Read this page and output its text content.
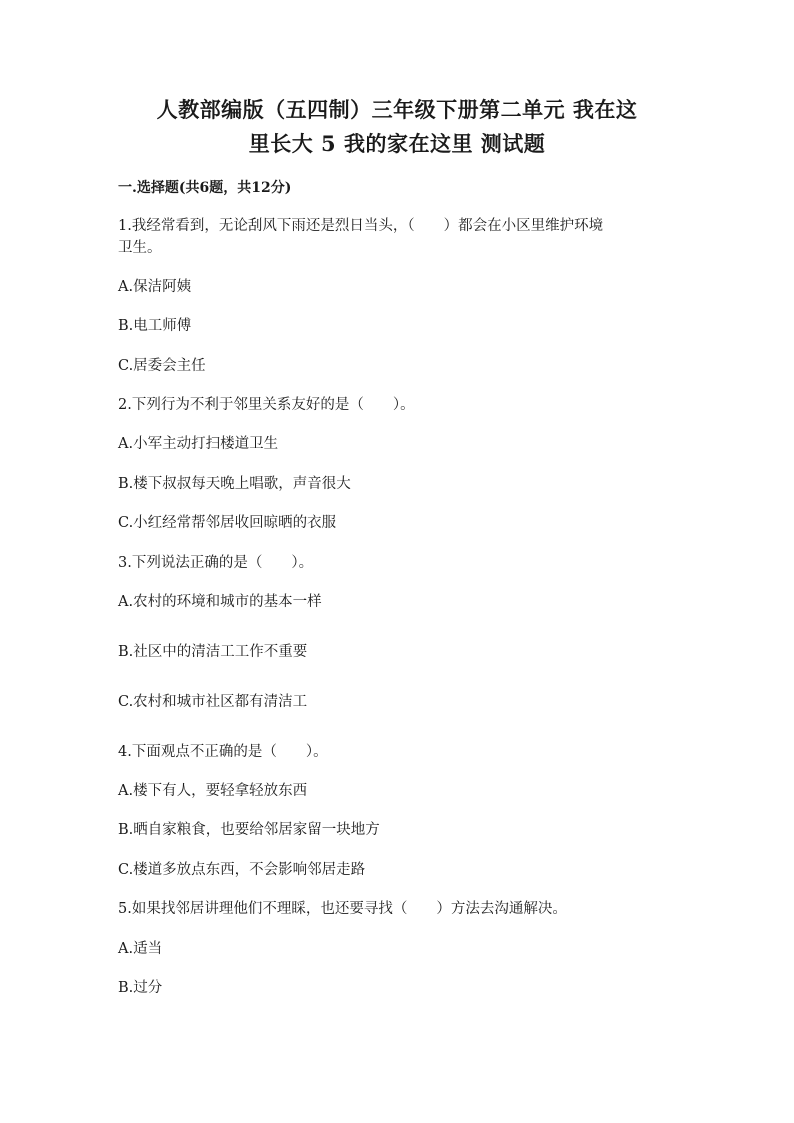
人教部编版（五四制）三年级下册第二单元 我在这
里长大 5 我的家在这里 测试题
一.选择题(共6题，共12分)
1.我经常看到，无论刮风下雨还是烈日当头，（　　）都会在小区里维护环境
卫生。
A.保洁阿姨
B.电工师傅
C.居委会主任
2.下列行为不利于邻里关系友好的是（　　）。
A.小军主动打扫楼道卫生
B.楼下叔叔每天晚上唱歌，声音很大
C.小红经常帮邻居收回晾晒的衣服
3.下列说法正确的是（　　）。
A.农村的环境和城市的基本一样
B.社区中的清洁工工作不重要
C.农村和城市社区都有清洁工
4.下面观点不正确的是（　　）。
A.楼下有人，要轻拿轻放东西
B.晒自家粮食，也要给邻居家留一块地方
C.楼道多放点东西，不会影响邻居走路
5.如果找邻居讲理他们不理睬，也还要寻找（　　）方法去沟通解决。
A.适当
B.过分
